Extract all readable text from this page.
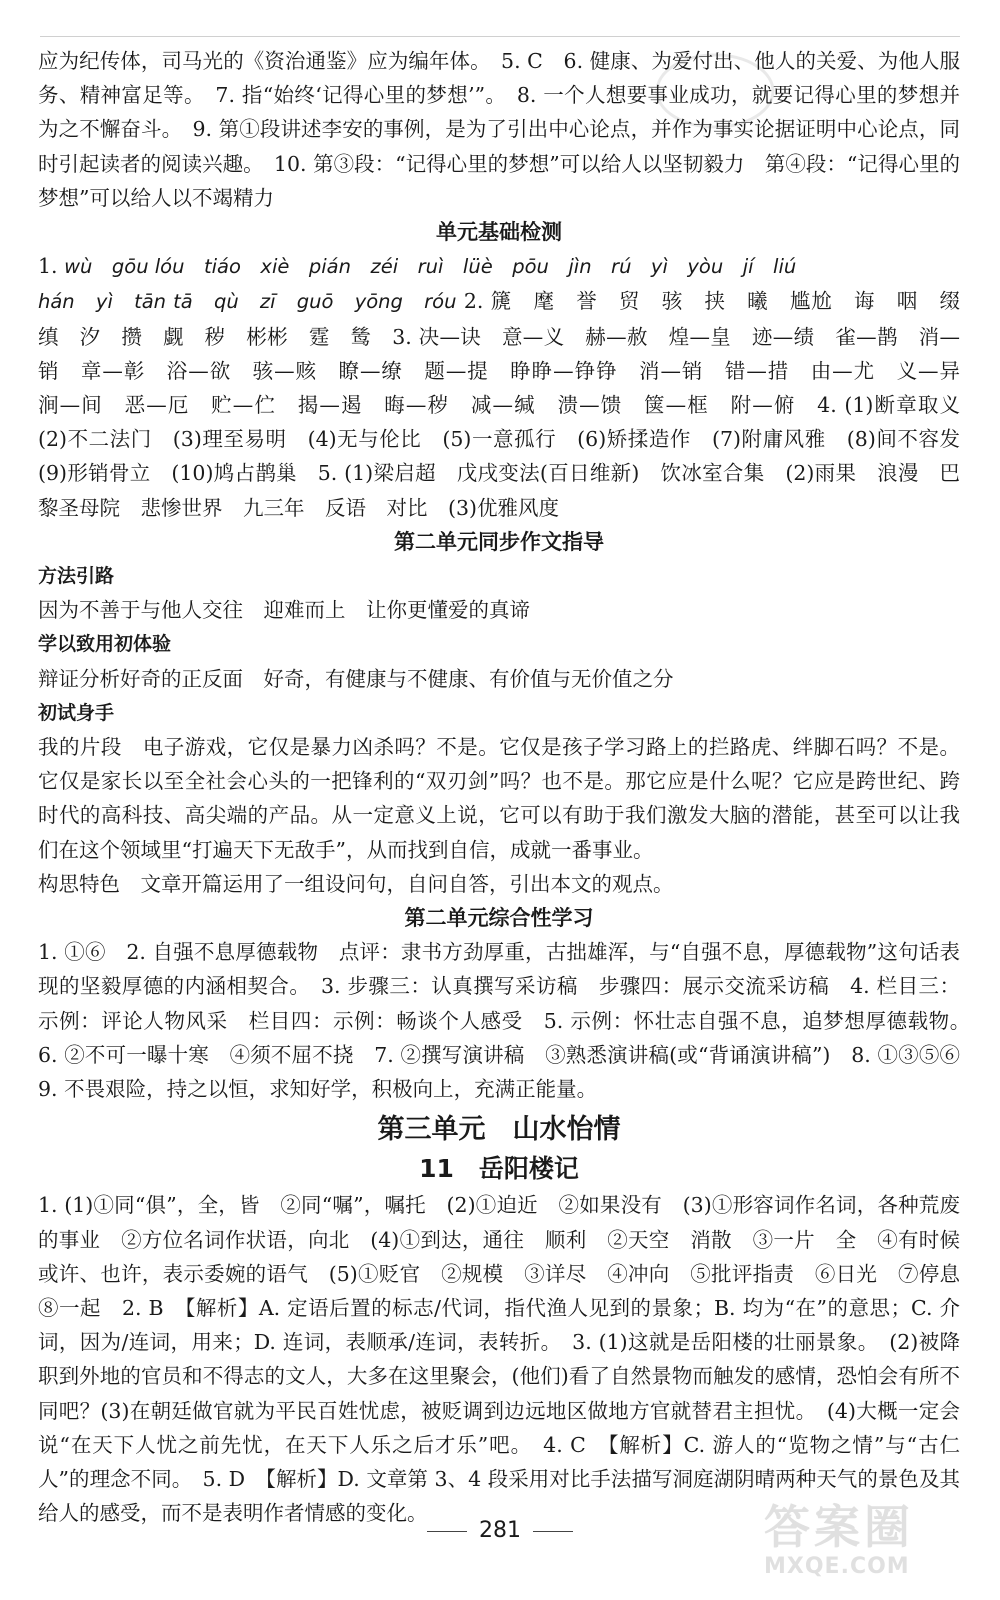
应为纪传体，司马光的《资治通鉴》应为编年体。　5. C　6. 健康、为爱付出、他人的关爱、为他人服务、精神富足等。　7. 指“始终‘记得心里的梦想’”。　8. 一个人想要事业成功，就要记得心里的梦想并为之不懈奋斗。　9. 第①段讲述李安的事例，是为了引出中心论点，并作为事实论据证明中心论点，同时引起读者的阅读兴趣。　10. 第③段：“记得心里的梦想”可以给人以坚韧毅力　第④段：“记得心里的梦想”可以给人以不竭精力

单元基础检测

1. wù　gōu lóu　tiáo　xiè　pián　zéi　ruì　lüè　pōu　jìn　rú　yì　yòu　jí　liú
hán　yì　tān tā　qù　zī　guō　yōng　róu 2. 篪　麾　誉　贸　骇　挟　曦　尴尬　诲　咽　缀　缜　汐　攒　觑　秽　彬彬　霆　鸶　3. 决—诀　意—义　赫—赦　煌—皇　迹—绩　雀—鹊　消—销　章—彰　浴—欲　骇—赅　瞭—缭　题—提　睁睁—铮铮　消—销　错—措　由—尤　义—异　涧—间　恶—厄　贮—伫　揭—遏　晦—秽　减—缄　溃—馈　箧—框　附—俯　4. (1)断章取义　(2)不二法门　(3)理至易明　(4)无与伦比　(5)一意孤行　(6)矫揉造作　(7)附庸风雅　(8)间不容发　(9)形销骨立　(10)鸠占鹊巢　5. (1)梁启超　戊戌变法(百日维新)　饮冰室合集　(2)雨果　浪漫　巴黎圣母院　悲惨世界　九三年　反语　对比　(3)优雅风度

第二单元同步作文指导

方法引路

因为不善于与他人交往　迎难而上　让你更懂爱的真谛

学以致用初体验

辩证分析好奇的正反面　好奇，有健康与不健康、有价值与无价值之分

初试身手

我的片段　电子游戏，它仅是暴力凶杀吗？不是。它仅是孩子学习路上的拦路虎、绊脚石吗？不是。它仅是家长以至全社会心头的一把锋利的“双刃剑”吗？也不是。那它应是什么呢？它应是跨世纪、跨时代的高科技、高尖端的产品。从一定意义上说，它可以有助于我们激发大脑的潜能，甚至可以让我们在这个领域里“打遍天下无敌手”，从而找到自信，成就一番事业。

构思特色　文章开篇运用了一组设问句，自问自答，引出本文的观点。

第二单元综合性学习

1. ①⑥　2. 自强不息厚德载物　点评：隶书方劲厚重，古拙雄浑，与“自强不息，厚德载物”这句话表现的坚毅厚德的内涵相契合。　3. 步骤三：认真撰写采访稿　步骤四：展示交流采访稿　4. 栏目三：示例：评论人物风采　栏目四：示例：畅谈个人感受　5. 示例：怀壮志自强不息，追梦想厚德载物。　6. ②不可一曝十寒　④须不屈不挠　7. ②撰写演讲稿　③熟悉演讲稿(或“背诵演讲稿”)　8. ①③⑤⑥　9. 不畏艰险，持之以恒，求知好学，积极向上，充满正能量。

第三单元　山水怡情

11　岳阳楼记

1. (1)①同“俱”，全，皆　②同“嘱”，嘱托　(2)①迫近　②如果没有　(3)①形容词作名词，各种荒废的事业　②方位名词作状语，向北　(4)①到达，通往　顺利　②天空　消散　③一片　全　④有时候　或许、也许，表示委婉的语气　(5)①贬官　②规模　③详尽　④冲向　⑤批评指责　⑥日光　⑦停息　⑧一起　2. B　【解析】A. 定语后置的标志/代词，指代渔人见到的景象；B. 均为“在”的意思；C. 介词，因为/连词，用来；D. 连词，表顺承/连词，表转折。　3. (1)这就是岳阳楼的壮丽景象。　(2)被降职到外地的官员和不得志的文人，大多在这里聚会，(他们)看了自然景物而触发的感情，恐怕会有所不同吧？(3)在朝廷做官就为平民百姓忧虑，被贬调到边远地区做地方官就替君主担忧。　(4)大概一定会说“在天下人忧之前先忧，在天下人乐之后才乐”吧。　4. C　【解析】C. 游人的“览物之情”与“古仁人”的理念不同。　5. D　【解析】D. 文章第 3、4 段采用对比手法描写洞庭湖阴晴两种天气的景色及其给人的感受，而不是表明作者情感的变化。

281	答案圈
MXQE.COM
